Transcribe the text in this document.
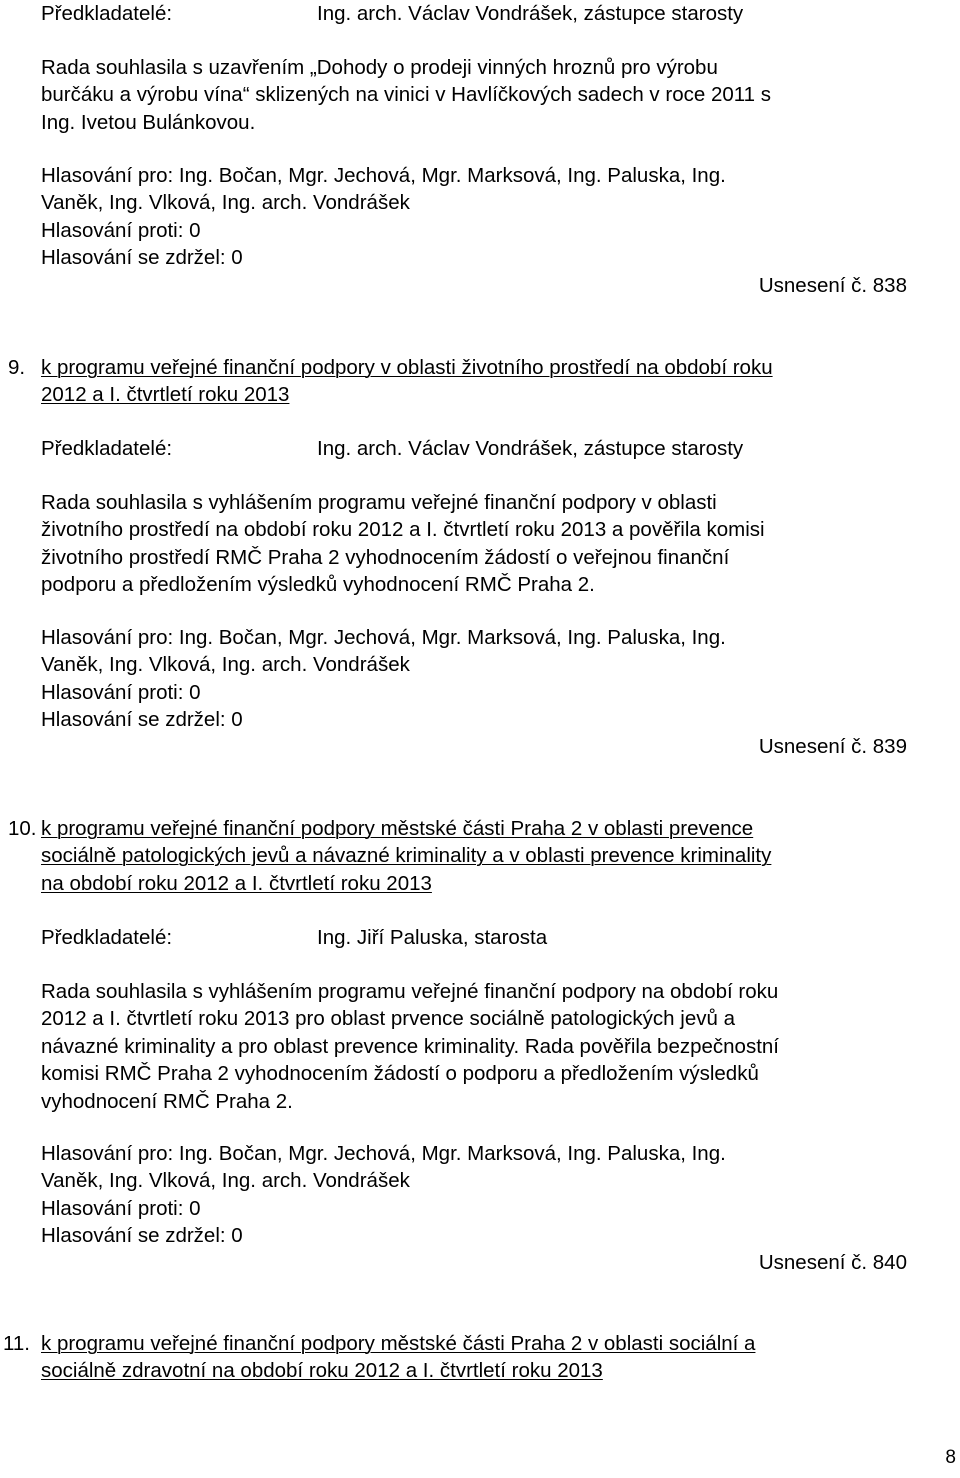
Předkladatelé:	Ing. arch. Václav Vondrášek, zástupce starosty
Rada souhlasila s uzavřením „Dohody o prodeji vinných hroznů pro výrobu
burčáku a výrobu vína“ sklizených na vinici v Havlíčkových sadech v roce 2011 s
Ing. Ivetou Bulánkovou.
Hlasování pro: Ing. Bočan, Mgr. Jechová, Mgr. Marksová, Ing. Paluska, Ing.
Vaněk, Ing. Vlková, Ing. arch. Vondrášek
Hlasování proti: 0
Hlasování se zdržel: 0
Usnesení č. 838
9. k programu veřejné finanční podpory v oblasti životního prostředí na období roku
2012 a I. čtvrtletí roku 2013
Předkladatelé:	Ing. arch. Václav Vondrášek, zástupce starosty
Rada souhlasila s vyhlášením programu veřejné finanční podpory v oblasti
životního prostředí na období roku 2012 a I. čtvrtletí roku 2013 a pověřila komisi
životního prostředí RMČ Praha 2 vyhodnocením žádostí o veřejnou finanční
podporu a předložením výsledků vyhodnocení RMČ Praha 2.
Hlasování pro: Ing. Bočan, Mgr. Jechová, Mgr. Marksová, Ing. Paluska, Ing.
Vaněk, Ing. Vlková, Ing. arch. Vondrášek
Hlasování proti: 0
Hlasování se zdržel: 0
Usnesení č. 839
10. k programu veřejné finanční podpory městské části Praha 2 v oblasti prevence
sociálně patologických jevů a návazné kriminality a v oblasti prevence kriminality
na období roku 2012 a I. čtvrtletí roku 2013
Předkladatelé:	Ing. Jiří Paluska, starosta
Rada souhlasila s vyhlášením programu veřejné finanční podpory na období roku
2012 a I. čtvrtletí roku 2013 pro oblast prvence sociálně patologických jevů a
návazné kriminality a pro oblast prevence kriminality. Rada pověřila bezpečnostní
komisi RMČ Praha 2 vyhodnocením žádostí o podporu a předložením výsledků
vyhodnocení RMČ Praha 2.
Hlasování pro: Ing. Bočan, Mgr. Jechová, Mgr. Marksová, Ing. Paluska, Ing.
Vaněk, Ing. Vlková, Ing. arch. Vondrášek
Hlasování proti: 0
Hlasování se zdržel: 0
Usnesení č. 840
11. k programu veřejné finanční podpory městské části Praha 2 v oblasti sociální a
sociálně zdravotní na období roku 2012 a I. čtvrtletí roku 2013
8
